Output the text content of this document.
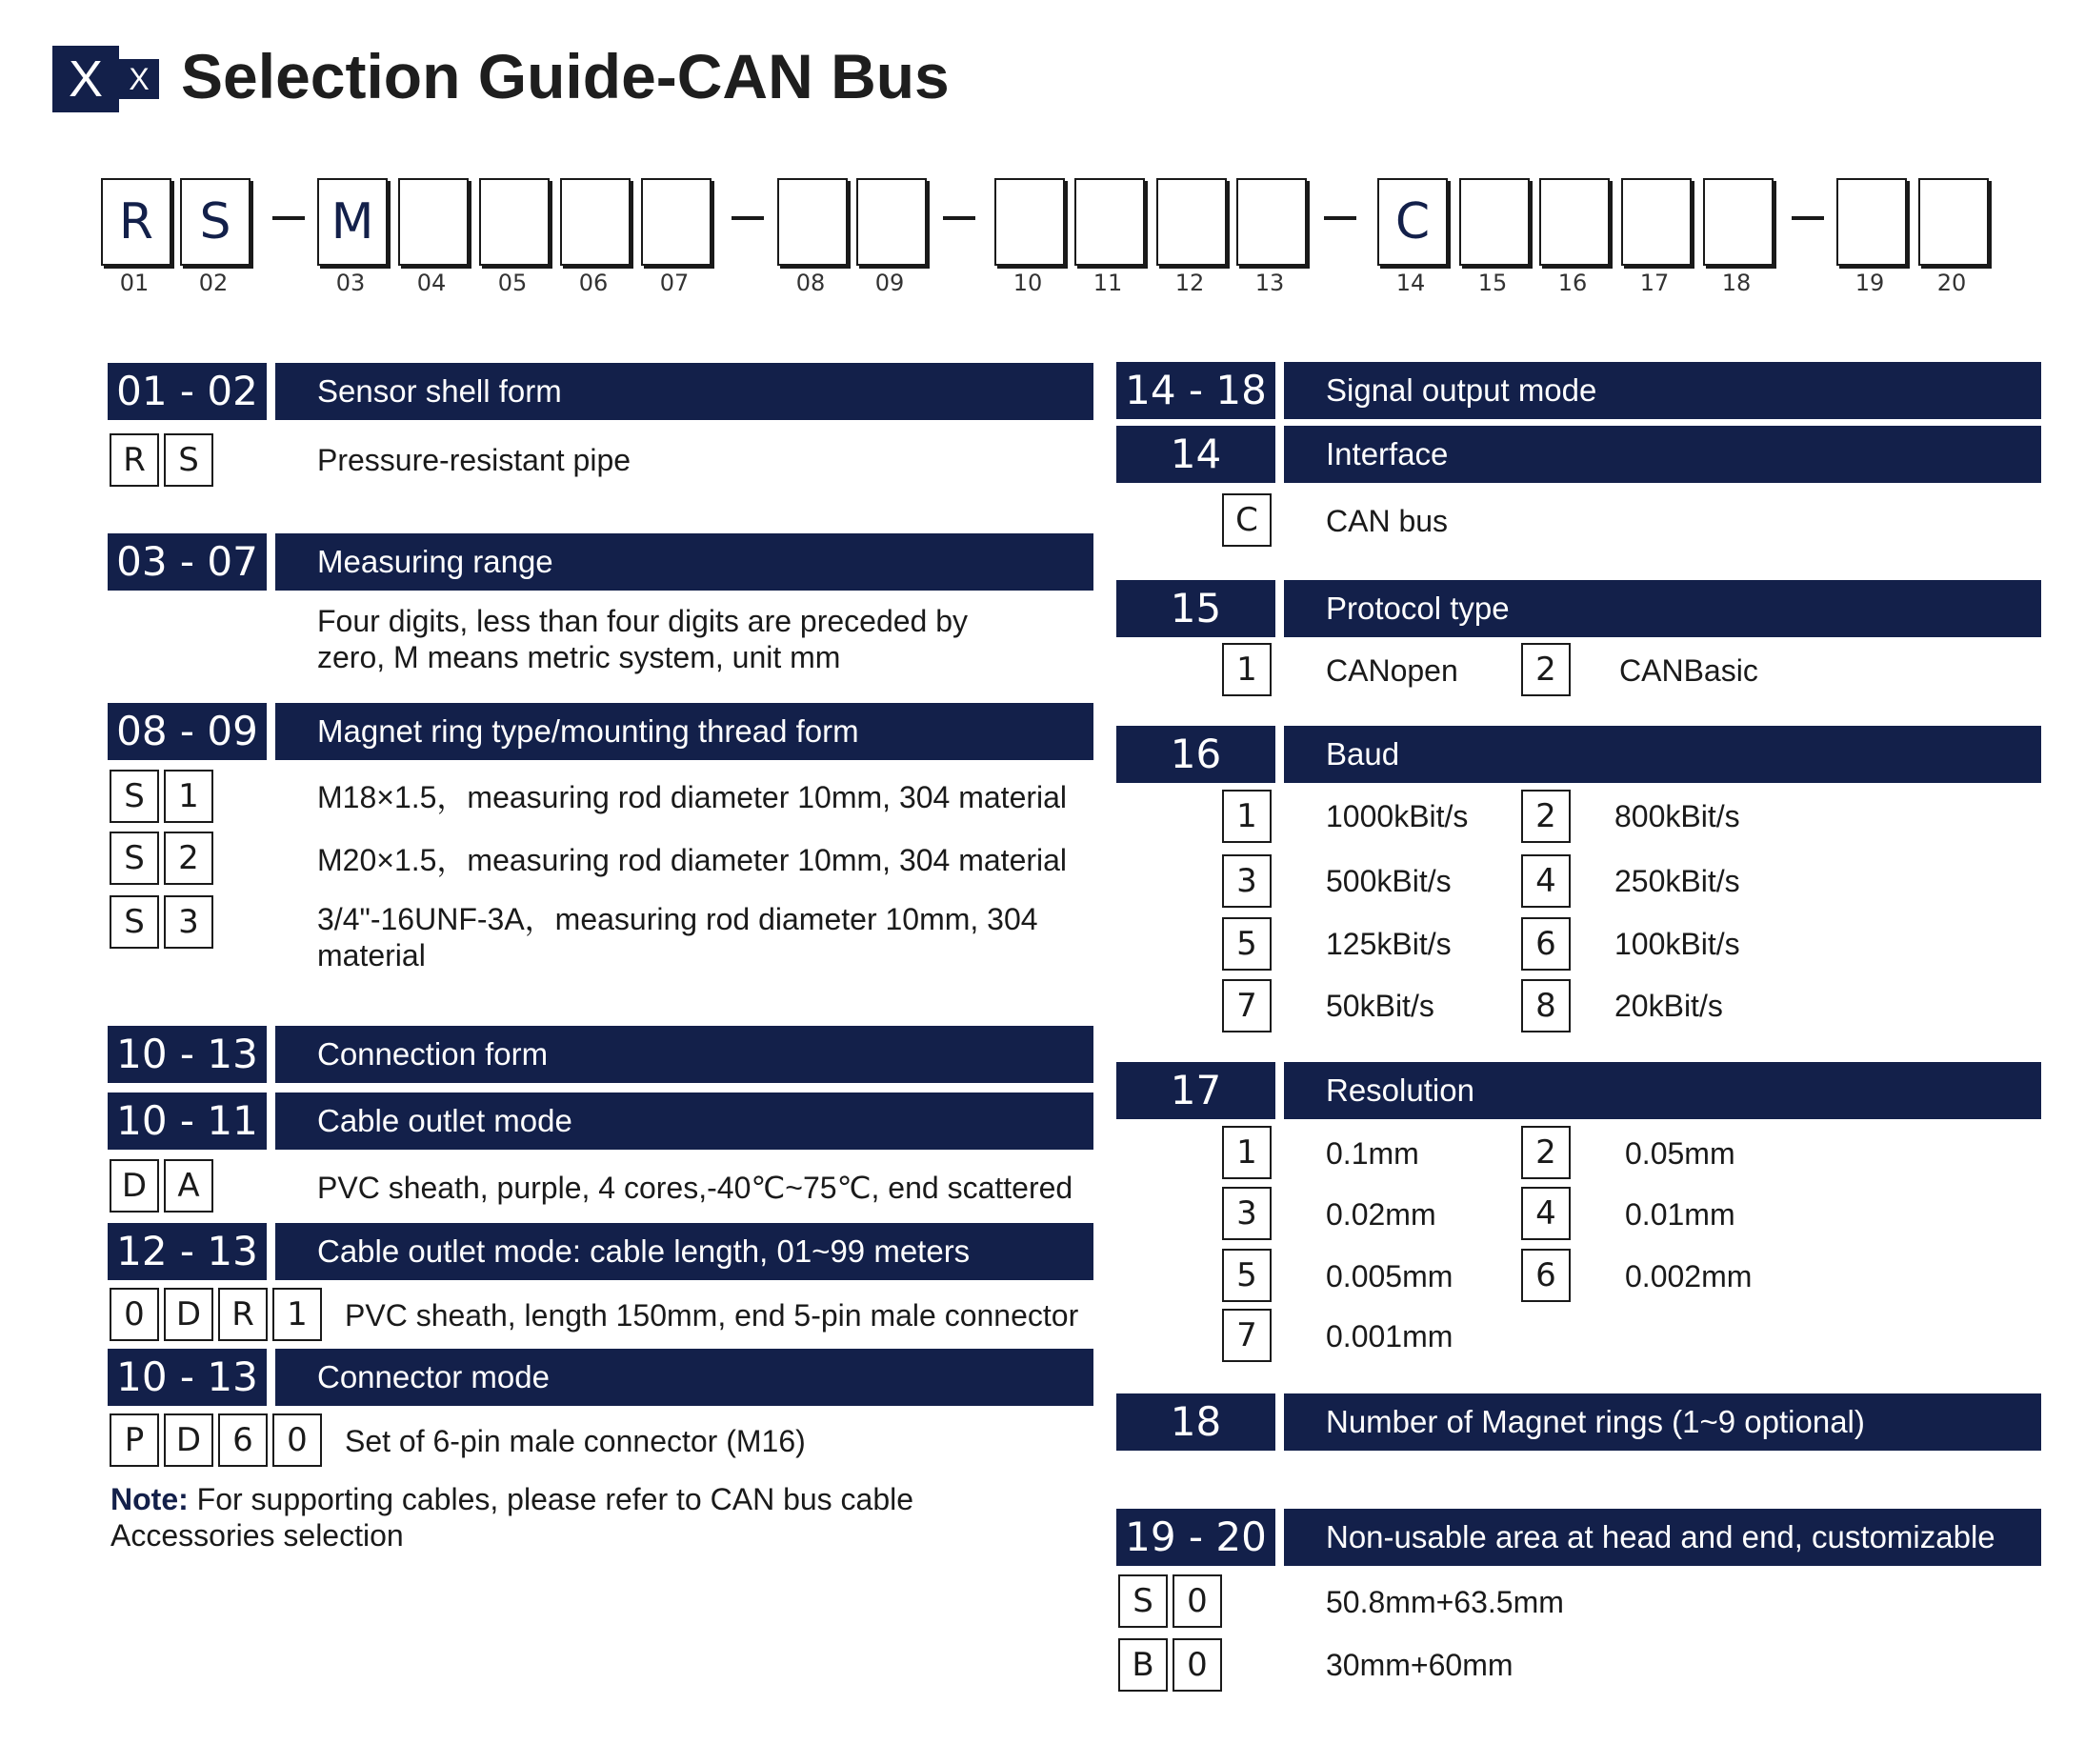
X X Selection Guide-CAN Bus
R S	M	C
01	02	03	04	05	06	07	08	09	10	11	12	13	14	15	16	17	18	19	20
01 - 02	Sensor shell form
R	S	Pressure-resistant pipe
03 - 07	Measuring range
Four digits, less than four digits are preceded by zero, M means metric system, unit mm
08 - 09	Magnet ring type/mounting thread form
S	1	M18×1.5，measuring rod diameter 10mm, 304 material
S	2	M20×1.5，measuring rod diameter 10mm, 304 material
S	3	3/4"-16UNF-3A，measuring rod diameter 10mm, 304 material
10 - 13	Connection form
10 - 11	Cable outlet mode
D A	PVC sheath, purple, 4 cores,-40℃~75℃, end scattered
12 - 13	Cable outlet mode: cable length, 01~99 meters
0 D R	1	PVC sheath, length 150mm, end 5-pin male connector
10 - 13	Connector mode
P D 6	0	Set of 6-pin male connector (M16)
Note: For supporting cables, please refer to CAN bus cable Accessories selection
14 - 18	Signal output mode
14	Interface
C	CAN bus
15	Protocol type
1	CANopen	2	CANBasic
16	Baud
1	1000kBit/s	2	800kBit/s
3	500kBit/s	4	250kBit/s
5	125kBit/s	6	100kBit/s
7	50kBit/s	8	20kBit/s
17	Resolution
1	0.1mm	2	0.05mm
3	0.02mm	4	0.01mm
5	0.005mm	6	0.002mm
7	0.001mm
18	Number of Magnet rings (1~9 optional)
19 - 20	Non-usable area at head and end, customizable
S	0	50.8mm+63.5mm
B	0	30mm+60mm
